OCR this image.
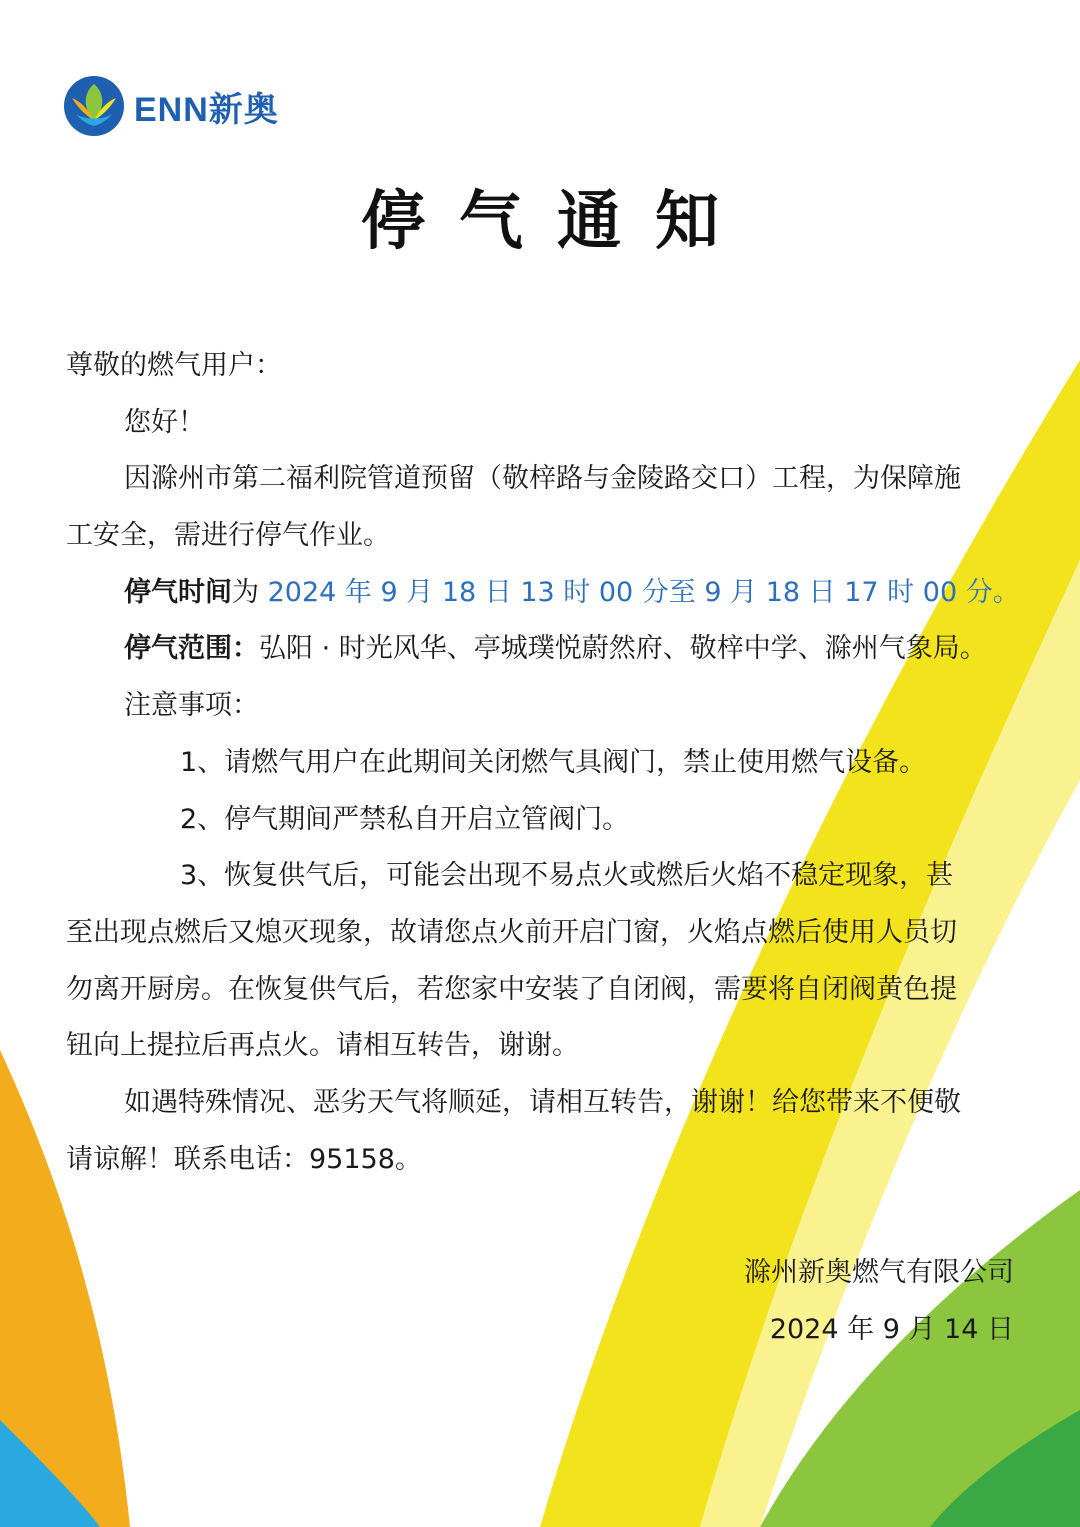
ENN新奥
停气通知
尊敬的燃气用户：
您好！
因滁州市第二福利院管道预留（敬梓路与金陵路交口）工程，为保障施
工安全，需进行停气作业。
停气时间为 2024 年 9 月 18 日 13 时 00 分至 9 月 18 日 17 时 00 分。
停气范围：弘阳 · 时光风华、亭城璞悦蔚然府、敬梓中学、滁州气象局。
注意事项：
1、请燃气用户在此期间关闭燃气具阀门，禁止使用燃气设备。
2、停气期间严禁私自开启立管阀门。
3、恢复供气后，可能会出现不易点火或燃后火焰不稳定现象，甚
至出现点燃后又熄灭现象，故请您点火前开启门窗，火焰点燃后使用人员切
勿离开厨房。在恢复供气后，若您家中安装了自闭阀，需要将自闭阀黄色提
钮向上提拉后再点火。请相互转告，谢谢。
如遇特殊情况、恶劣天气将顺延，请相互转告，谢谢！给您带来不便敬
请谅解！联系电话：95158。
滁州新奥燃气有限公司
2024 年 9 月 14 日
